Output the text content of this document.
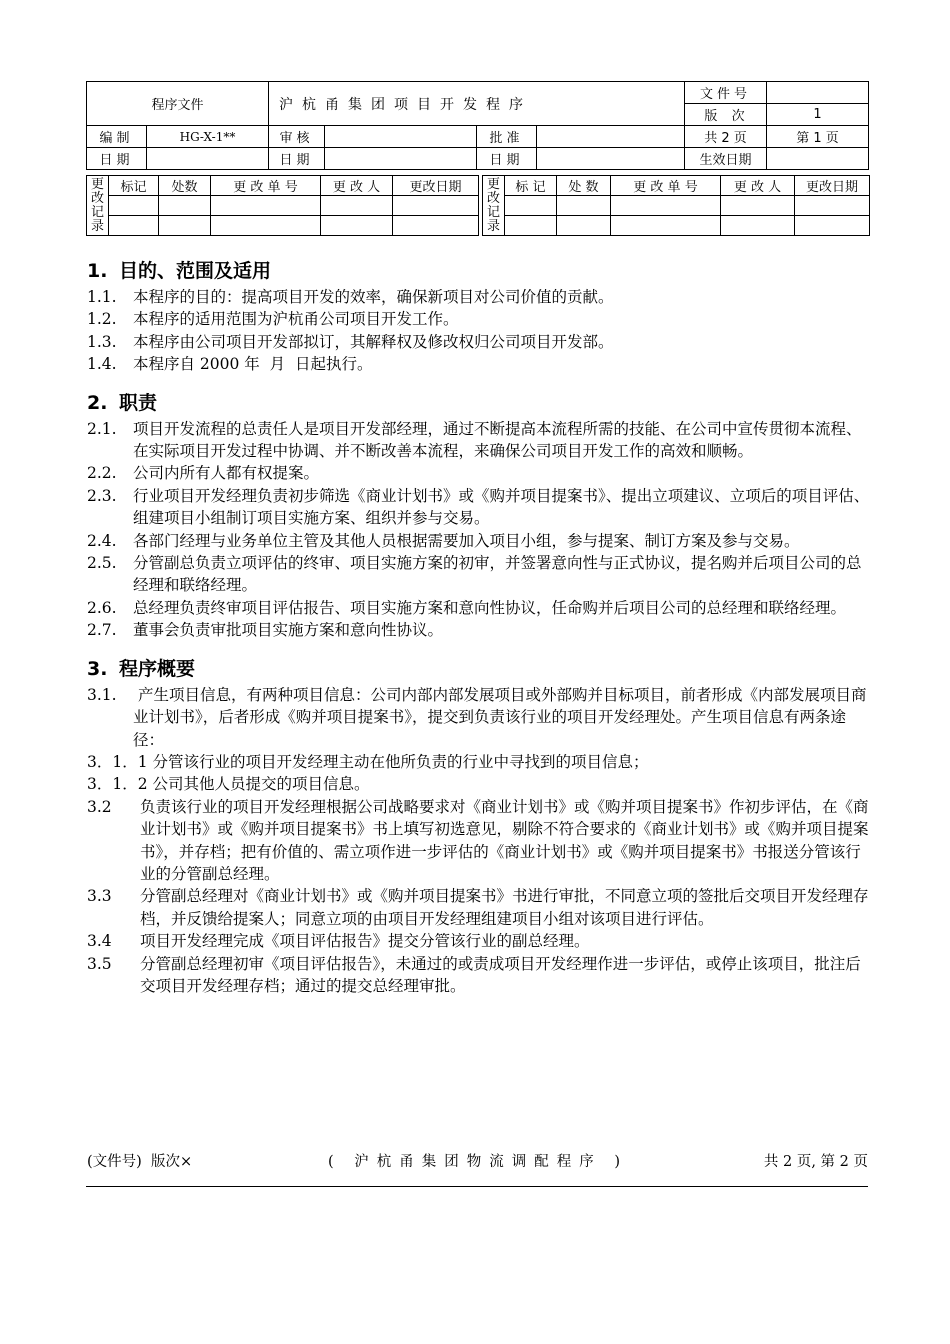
程序文件		沪杭甬集团项目开发程序				文件号	
						版  次	1
编制	HG-X-1**	审核		批准		共 2 页	第 1 页
日期		日期		日期		生效日期	
更改记录	标记	处数	更 改 单 号	更 改 人	更改日期

				更改记录	标 记	处 数	更 改 单 号	更 改 人	更改日期

1. 目的、范围及适用
1.1.	本程序的目的：提高项目开发的效率，确保新项目对公司价值的贡献。
1.2.	本程序的适用范围为沪杭甬公司项目开发工作。
1.3.	本程序由公司项目开发部拟订，其解释权及修改权归公司项目开发部。
1.4.	本程序自 2000 年  月  日起执行。
2. 职责
2.1.	项目开发流程的总责任人是项目开发部经理，通过不断提高本流程所需的技能、在公司中宣传贯彻本流程、在实际项目开发过程中协调、并不断改善本流程，来确保公司项目开发工作的高效和顺畅。
2.2.	公司内所有人都有权提案。
2.3.	行业项目开发经理负责初步筛选《商业计划书》或《购并项目提案书》、提出立项建议、立项后的项目评估、组建项目小组制订项目实施方案、组织并参与交易。
2.4.	各部门经理与业务单位主管及其他人员根据需要加入项目小组，参与提案、制订方案及参与交易。
2.5.	分管副总负责立项评估的终审、项目实施方案的初审，并签署意向性与正式协议，提名购并后项目公司的总经理和联络经理。
2.6.	总经理负责终审项目评估报告、项目实施方案和意向性协议，任命购并后项目公司的总经理和联络经理。
2.7.	董事会负责审批项目实施方案和意向性协议。
3. 程序概要
3.1.	产生项目信息，有两种项目信息：公司内部内部发展项目或外部购并目标项目，前者形成《内部发展项目商业计划书》，后者形成《购并项目提案书》，提交到负责该行业的项目开发经理处。产生项目信息有两条途径：
3．1．1 分管该行业的项目开发经理主动在他所负责的行业中寻找到的项目信息；
3．1．2 公司其他人员提交的项目信息。
3.2	负责该行业的项目开发经理根据公司战略要求对《商业计划书》或《购并项目提案书》作初步评估，在《商业计划书》或《购并项目提案书》书上填写初选意见，剔除不符合要求的《商业计划书》或《购并项目提案书》，并存档；把有价值的、需立项作进一步评估的《商业计划书》或《购并项目提案书》书报送分管该行业的分管副总经理。
3.3	分管副总经理对《商业计划书》或《购并项目提案书》书进行审批，不同意立项的签批后交项目开发经理存档，并反馈给提案人；同意立项的由项目开发经理组建项目小组对该项目进行评估。
3.4	项目开发经理完成《项目评估报告》提交分管该行业的副总经理。
3.5	分管副总经理初审《项目评估报告》，未通过的或责成项目开发经理作进一步评估，或停止该项目，批注后交项目开发经理存档；通过的提交总经理审批。
(文件号)  版次×	( 沪杭甬集团物流调配程序 )	共 2 页, 第 2 页
